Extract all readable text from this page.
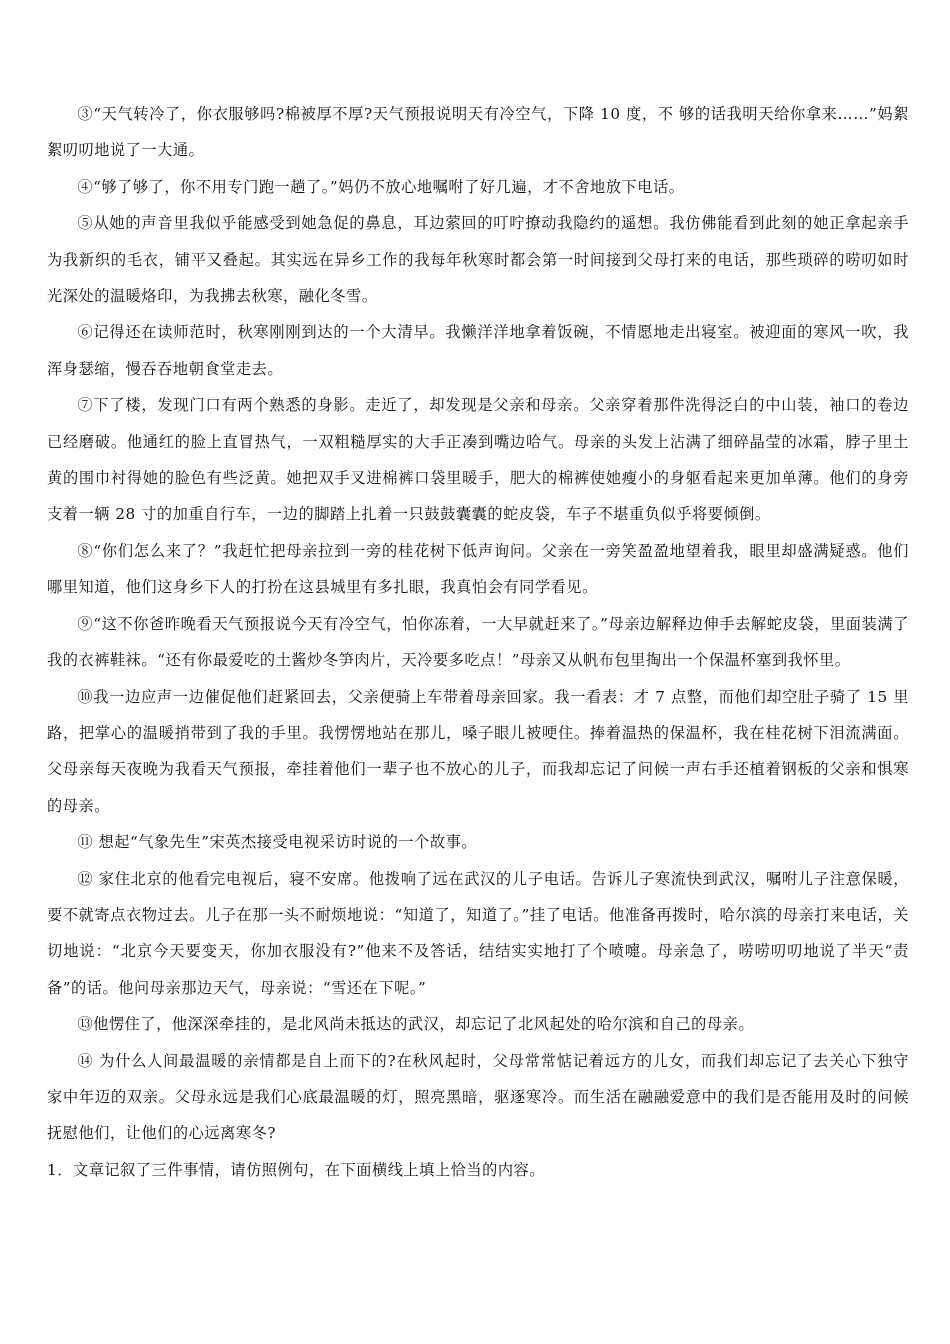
③“天气转冷了，你衣服够吗?棉被厚不厚?天气预报说明天有冷空气，下降 10 度，不 够的话我明天给你拿来……”妈絮絮叨叨地说了一大通。

④“够了够了，你不用专门跑一趟了。”妈仍不放心地嘱咐了好几遍，才不舍地放下电话。

⑤从她的声音里我似乎能感受到她急促的鼻息，耳边萦回的叮咛撩动我隐约的遥想。我仿佛能看到此刻的她正拿起亲手为我新织的毛衣，铺平又叠起。其实远在异乡工作的我每年秋寒时都会第一时间接到父母打来的电话，那些琐碎的唠叨如时光深处的温暖烙印，为我拂去秋寒，融化冬雪。

⑥记得还在读师范时，秋寒刚刚到达的一个大清早。我懒洋洋地拿着饭碗，不情愿地走出寝室。被迎面的寒风一吹，我浑身瑟缩，慢吞吞地朝食堂走去。

⑦下了楼，发现门口有两个熟悉的身影。走近了，却发现是父亲和母亲。父亲穿着那件洗得泛白的中山装，袖口的卷边已经磨破。他通红的脸上直冒热气，一双粗糙厚实的大手正凑到嘴边哈气。母亲的头发上沾满了细碎晶莹的冰霜，脖子里土黄的围巾衬得她的脸色有些泛黄。她把双手叉进棉裤口袋里暖手，肥大的棉裤使她瘦小的身躯看起来更加单薄。他们的身旁支着一辆 28 寸的加重自行车，一边的脚踏上扎着一只鼓鼓囊囊的蛇皮袋，车子不堪重负似乎将要倾倒。

⑧“你们怎么来了？”我赶忙把母亲拉到一旁的桂花树下低声询问。父亲在一旁笑盈盈地望着我，眼里却盛满疑惑。他们哪里知道，他们这身乡下人的打扮在这县城里有多扎眼，我真怕会有同学看见。

⑨“这不你爸昨晚看天气预报说今天有冷空气，怕你冻着，一大早就赶来了。”母亲边解释边伸手去解蛇皮袋，里面装满了我的衣裤鞋袜。“还有你最爱吃的土酱炒冬笋肉片，天冷要多吃点！”母亲又从帆布包里掏出一个保温杯塞到我怀里。

⑩我一边应声一边催促他们赶紧回去，父亲便骑上车带着母亲回家。我一看表：才 7 点整，而他们却空肚子骑了 15 里路，把掌心的温暖捎带到了我的手里。我愣愣地站在那儿，嗓子眼儿被哽住。捧着温热的保温杯，我在桂花树下泪流满面。父母亲每天夜晚为我看天气预报，牵挂着他们一辈子也不放心的儿子，而我却忘记了问候一声右手还植着钢板的父亲和惧寒的母亲。

⑪ 想起“气象先生”宋英杰接受电视采访时说的一个故事。

⑫ 家住北京的他看完电视后，寝不安席。他拨响了远在武汉的儿子电话。告诉儿子寒流快到武汉，嘱咐儿子注意保暖，要不就寄点衣物过去。儿子在那一头不耐烦地说：“知道了，知道了。”挂了电话。他准备再拨时，哈尔滨的母亲打来电话，关切地说：“北京今天要变天，你加衣服没有?”他来不及答话，结结实实地打了个喷嚏。母亲急了，唠唠叨叨地说了半天“责备”的话。他问母亲那边天气，母亲说：“雪还在下呢。”

⑬他愣住了，他深深牵挂的，是北风尚未抵达的武汉，却忘记了北风起处的哈尔滨和自己的母亲。

⑭ 为什么人间最温暖的亲情都是自上而下的?在秋风起时，父母常常惦记着远方的儿女，而我们却忘记了去关心下独守家中年迈的双亲。父母永远是我们心底最温暖的灯，照亮黑暗，驱逐寒冷。而生活在融融爱意中的我们是否能用及时的问候抚慰他们，让他们的心远离寒冬?

1．文章记叙了三件事情，请仿照例句，在下面横线上填上恰当的内容。
